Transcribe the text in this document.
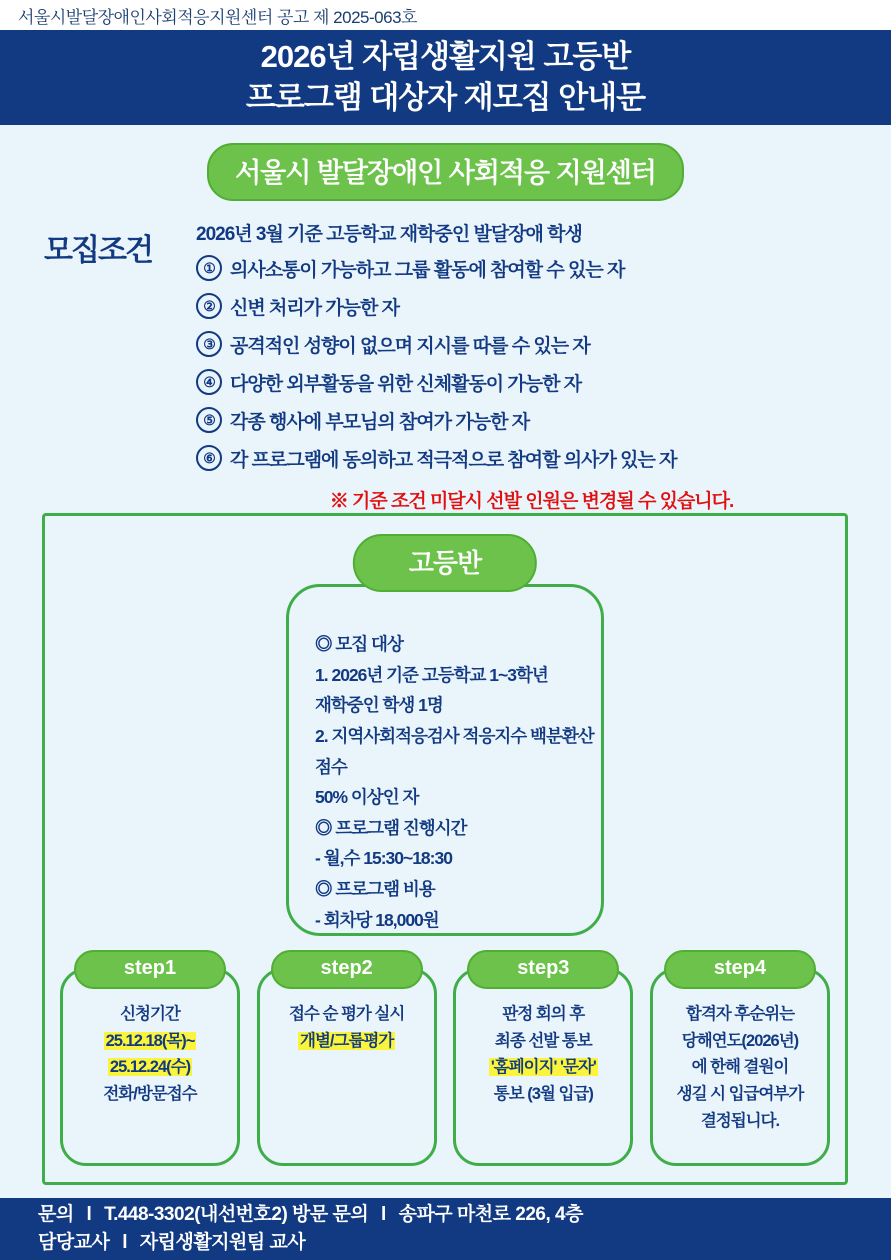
서울시발달장애인사회적응지원센터 공고 제 2025-063호
2026년 자립생활지원 고등반
프로그램 대상자 재모집 안내문
서울시 발달장애인 사회적응 지원센터
모집조건	2026년 3월 기준 고등학교 재학중인 발달장애 학생
① 의사소통이 가능하고 그룹 활동에 참여할 수 있는 자
② 신변 처리가 가능한 자
③ 공격적인 성향이 없으며 지시를 따를 수 있는 자
④ 다양한 외부활동을 위한 신체활동이 가능한 자
⑤ 각종 행사에 부모님의 참여가 가능한 자
⑥ 각 프로그램에 동의하고 적극적으로 참여할 의사가 있는 자
※ 기준 조건 미달시 선발 인원은 변경될 수 있습니다.
고등반
◎ 모집 대상
1. 2026년 기준 고등학교 1~3학년
재학중인 학생 1명
2. 지역사회적응검사 적응지수 백분환산점수
50% 이상인 자
◎ 프로그램 진행시간
- 월,수 15:30~18:30
◎ 프로그램 비용
- 회차당 18,000원
step1
신청기간
25.12.18(목)~
25.12.24(수)
전화/방문접수
step2
접수 순 평가 실시
개별/그룹평가
step3
판정 회의 후
최종 선발 통보
'홈페이지' '문자'
통보 (3월 입급)
step4
합격자 후순위는
당해연도(2026년)
에 한해 결원이
생길 시 입급여부가
결정됩니다.
문의 l T.448-3302(내선번호2) 방문 문의 l 송파구 마천로 226, 4층
담당교사 l 자립생활지원팀 교사
